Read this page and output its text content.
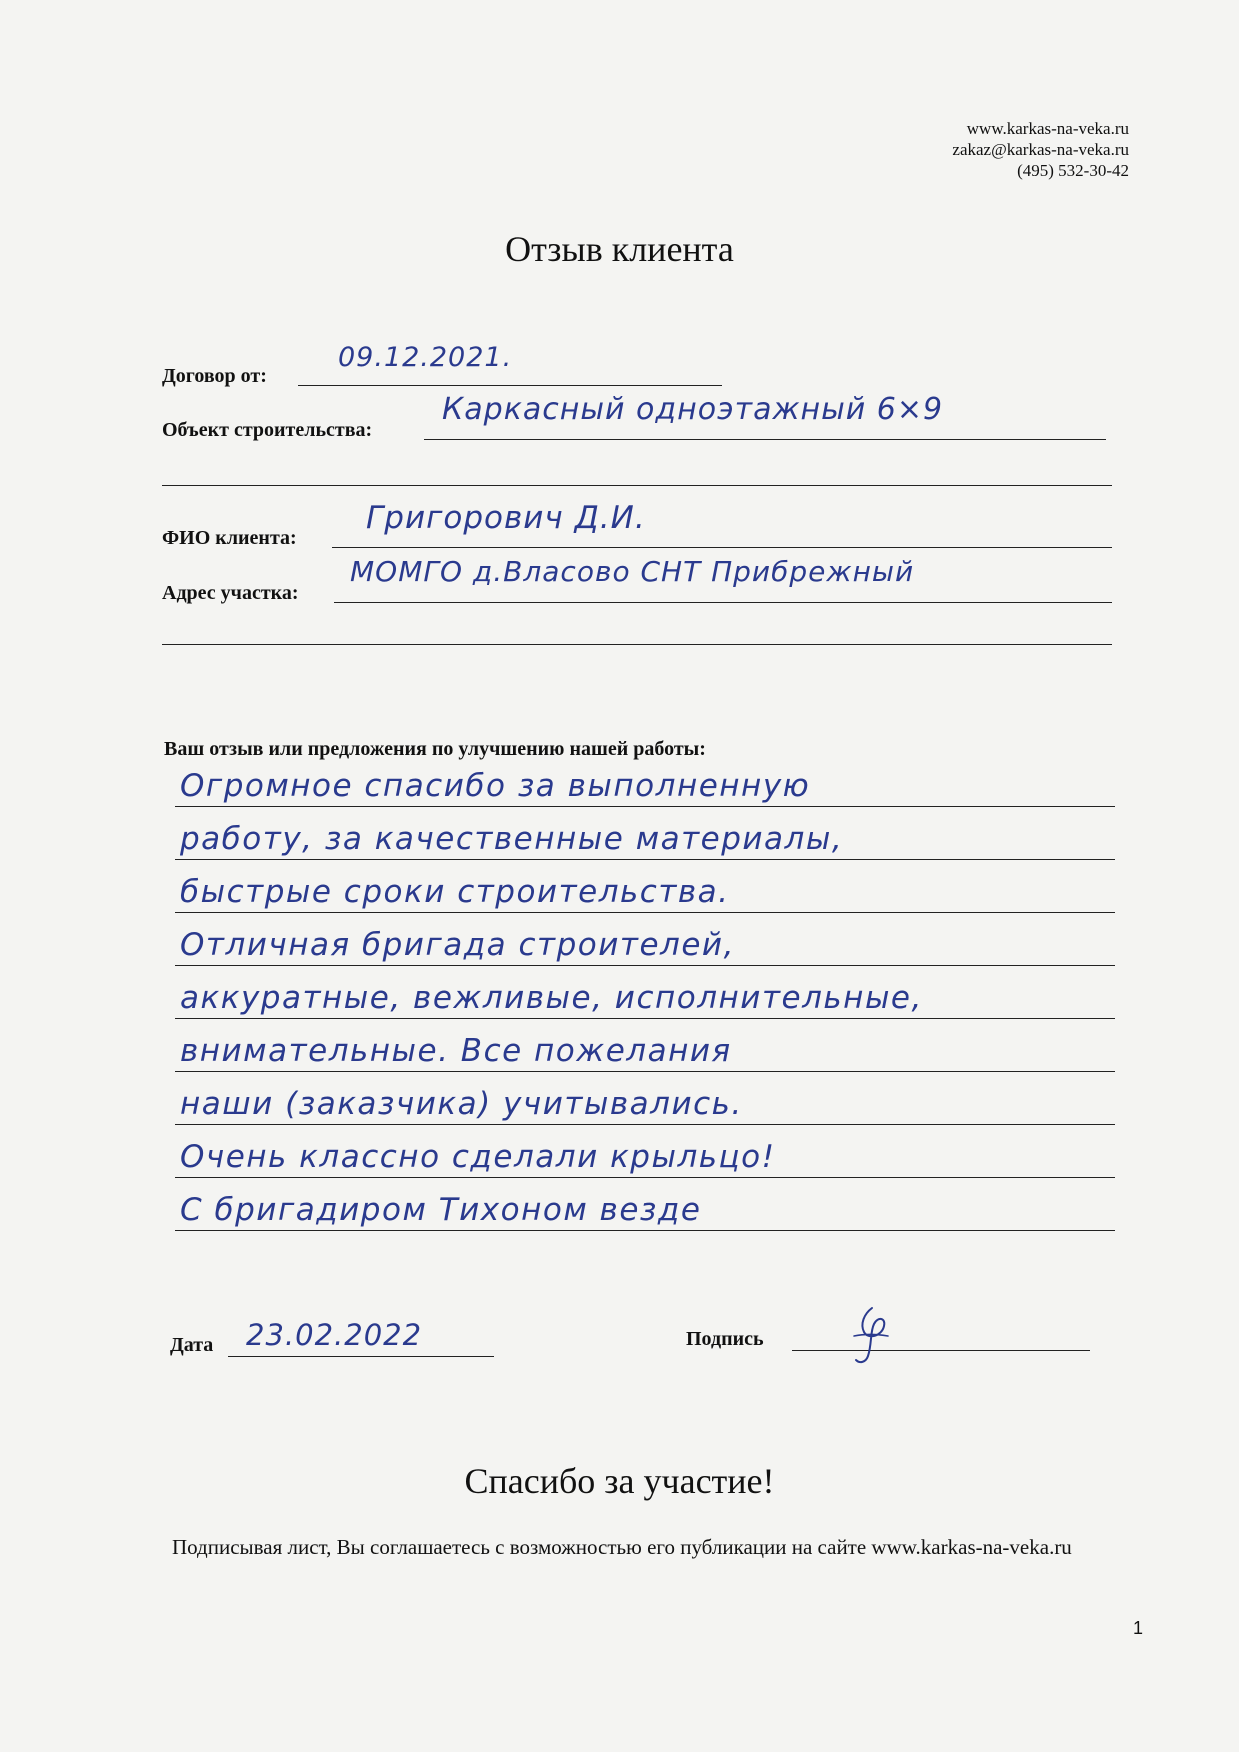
www.karkas-na-veka.ru
zakaz@karkas-na-veka.ru
(495) 532-30-42
Отзыв клиента
Договор от:
09.12.2021.
Объект строительства:
Каркасный одноэтажный 6×9
ФИО клиента:
Григорович Д.И.
Адрес участка:
МОМГО д.Власово СНТ Прибрежный
Ваш отзыв или предложения по улучшению нашей работы:
Огромное спасибо за выполненную
работу, за качественные материалы,
быстрые сроки строительства.
Отличная бригада строителей,
аккуратные, вежливые, исполнительные,
внимательные. Все пожелания
наши (заказчика) учитывались.
Очень классно сделали крыльцо!
С бригадиром Тихоном везде
Дата 23.02.2022	Подпись
Спасибо за участие!
Подписывая лист, Вы соглашаетесь с возможностью его публикации на сайте www.karkas-na-veka.ru
1
